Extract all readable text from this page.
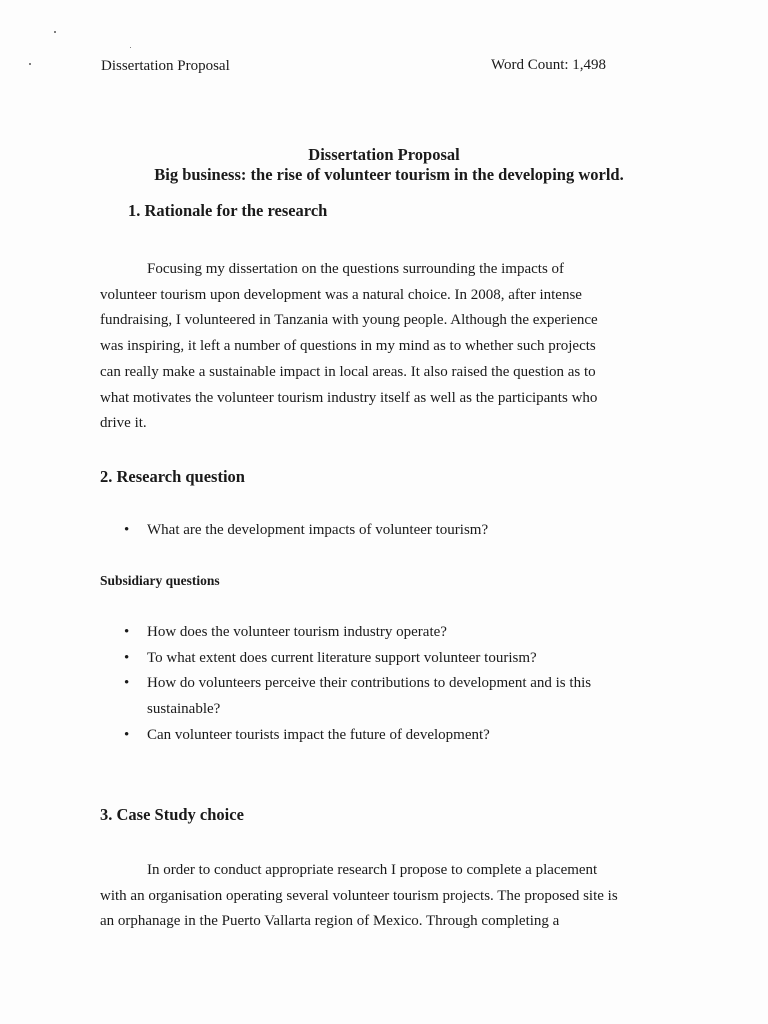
Dissertation Proposal	Word Count: 1,498
Dissertation Proposal
Big business: the rise of volunteer tourism in the developing world.
1. Rationale for the research
Focusing my dissertation on the questions surrounding the impacts of
volunteer tourism upon development was a natural choice. In 2008, after intense
fundraising, I volunteered in Tanzania with young people. Although the experience
was inspiring, it left a number of questions in my mind as to whether such projects
can really make a sustainable impact in local areas. It also raised the question as to
what motivates the volunteer tourism industry itself as well as the participants who
drive it.
2. Research question
• What are the development impacts of volunteer tourism?
Subsidiary questions
• How does the volunteer tourism industry operate?
• To what extent does current literature support volunteer tourism?
• How do volunteers perceive their contributions to development and is this sustainable?
• Can volunteer tourists impact the future of development?
3. Case Study choice
In order to conduct appropriate research I propose to complete a placement
with an organisation operating several volunteer tourism projects. The proposed site is
an orphanage in the Puerto Vallarta region of Mexico. Through completing a
